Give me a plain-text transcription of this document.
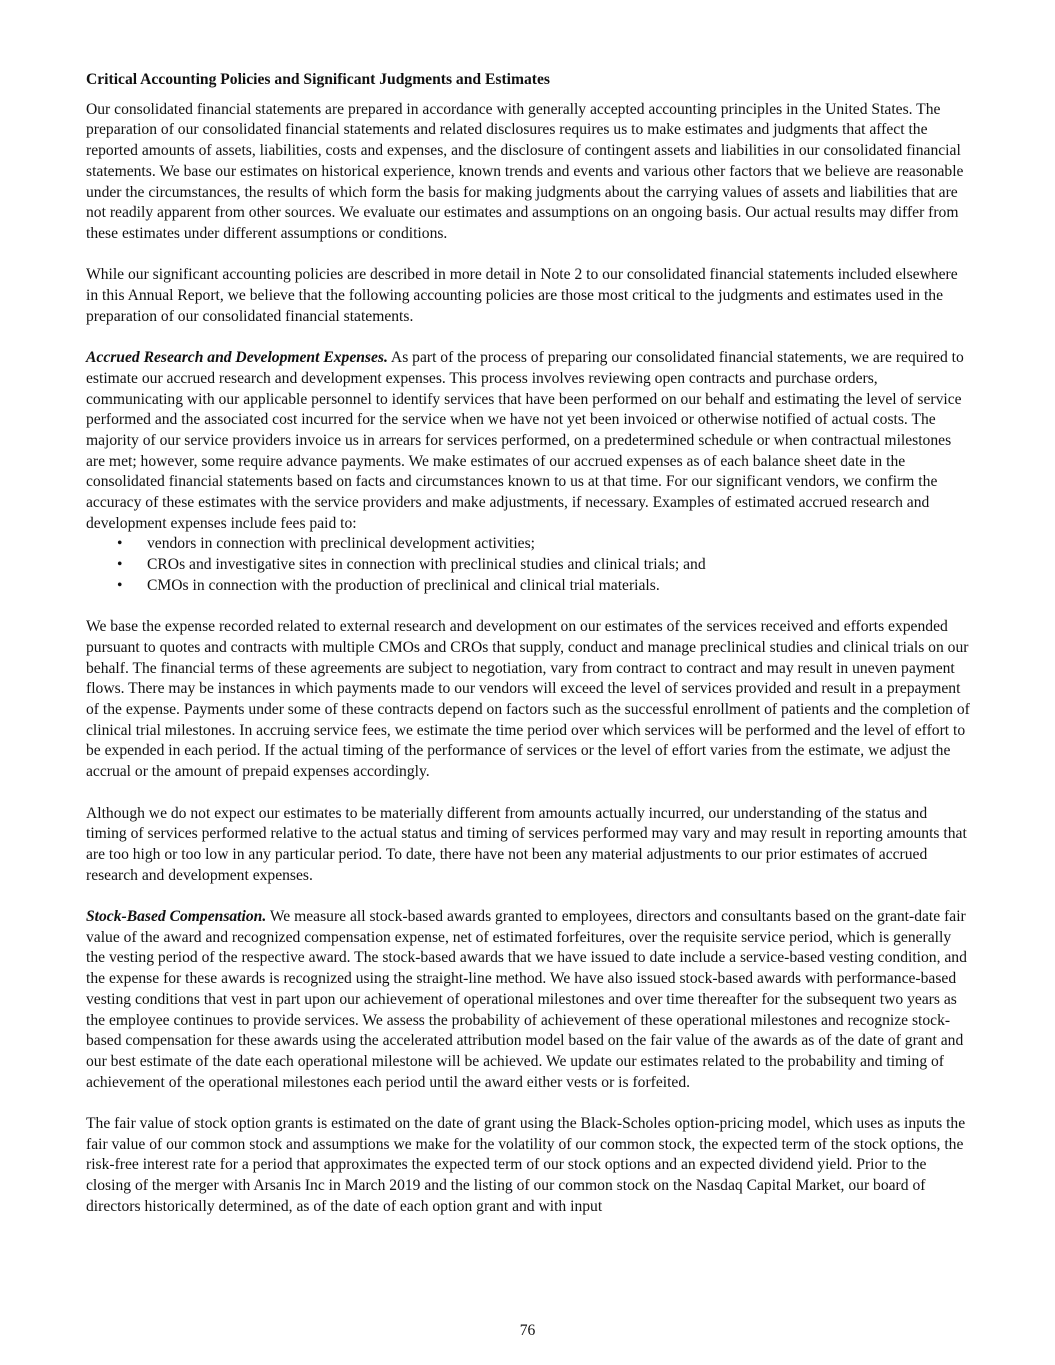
Critical Accounting Policies and Significant Judgments and Estimates

Our consolidated financial statements are prepared in accordance with generally accepted accounting principles in the United States. The preparation of our consolidated financial statements and related disclosures requires us to make estimates and judgments that affect the reported amounts of assets, liabilities, costs and expenses, and the disclosure of contingent assets and liabilities in our consolidated financial statements. We base our estimates on historical experience, known trends and events and various other factors that we believe are reasonable under the circumstances, the results of which form the basis for making judgments about the carrying values of assets and liabilities that are not readily apparent from other sources. We evaluate our estimates and assumptions on an ongoing basis. Our actual results may differ from these estimates under different assumptions or conditions.

While our significant accounting policies are described in more detail in Note 2 to our consolidated financial statements included elsewhere in this Annual Report, we believe that the following accounting policies are those most critical to the judgments and estimates used in the preparation of our consolidated financial statements.

Accrued Research and Development Expenses. As part of the process of preparing our consolidated financial statements, we are required to estimate our accrued research and development expenses. This process involves reviewing open contracts and purchase orders, communicating with our applicable personnel to identify services that have been performed on our behalf and estimating the level of service performed and the associated cost incurred for the service when we have not yet been invoiced or otherwise notified of actual costs. The majority of our service providers invoice us in arrears for services performed, on a predetermined schedule or when contractual milestones are met; however, some require advance payments. We make estimates of our accrued expenses as of each balance sheet date in the consolidated financial statements based on facts and circumstances known to us at that time. For our significant vendors, we confirm the accuracy of these estimates with the service providers and make adjustments, if necessary. Examples of estimated accrued research and development expenses include fees paid to:

• vendors in connection with preclinical development activities;
• CROs and investigative sites in connection with preclinical studies and clinical trials; and
• CMOs in connection with the production of preclinical and clinical trial materials.

We base the expense recorded related to external research and development on our estimates of the services received and efforts expended pursuant to quotes and contracts with multiple CMOs and CROs that supply, conduct and manage preclinical studies and clinical trials on our behalf. The financial terms of these agreements are subject to negotiation, vary from contract to contract and may result in uneven payment flows. There may be instances in which payments made to our vendors will exceed the level of services provided and result in a prepayment of the expense. Payments under some of these contracts depend on factors such as the successful enrollment of patients and the completion of clinical trial milestones. In accruing service fees, we estimate the time period over which services will be performed and the level of effort to be expended in each period. If the actual timing of the performance of services or the level of effort varies from the estimate, we adjust the accrual or the amount of prepaid expenses accordingly.

Although we do not expect our estimates to be materially different from amounts actually incurred, our understanding of the status and timing of services performed relative to the actual status and timing of services performed may vary and may result in reporting amounts that are too high or too low in any particular period. To date, there have not been any material adjustments to our prior estimates of accrued research and development expenses.

Stock-Based Compensation. We measure all stock-based awards granted to employees, directors and consultants based on the grant-date fair value of the award and recognized compensation expense, net of estimated forfeitures, over the requisite service period, which is generally the vesting period of the respective award. The stock-based awards that we have issued to date include a service-based vesting condition, and the expense for these awards is recognized using the straight-line method. We have also issued stock-based awards with performance-based vesting conditions that vest in part upon our achievement of operational milestones and over time thereafter for the subsequent two years as the employee continues to provide services. We assess the probability of achievement of these operational milestones and recognize stock-based compensation for these awards using the accelerated attribution model based on the fair value of the awards as of the date of grant and our best estimate of the date each operational milestone will be achieved. We update our estimates related to the probability and timing of achievement of the operational milestones each period until the award either vests or is forfeited.

The fair value of stock option grants is estimated on the date of grant using the Black-Scholes option-pricing model, which uses as inputs the fair value of our common stock and assumptions we make for the volatility of our common stock, the expected term of the stock options, the risk-free interest rate for a period that approximates the expected term of our stock options and an expected dividend yield. Prior to the closing of the merger with Arsanis Inc in March 2019 and the listing of our common stock on the Nasdaq Capital Market, our board of directors historically determined, as of the date of each option grant and with input

76
